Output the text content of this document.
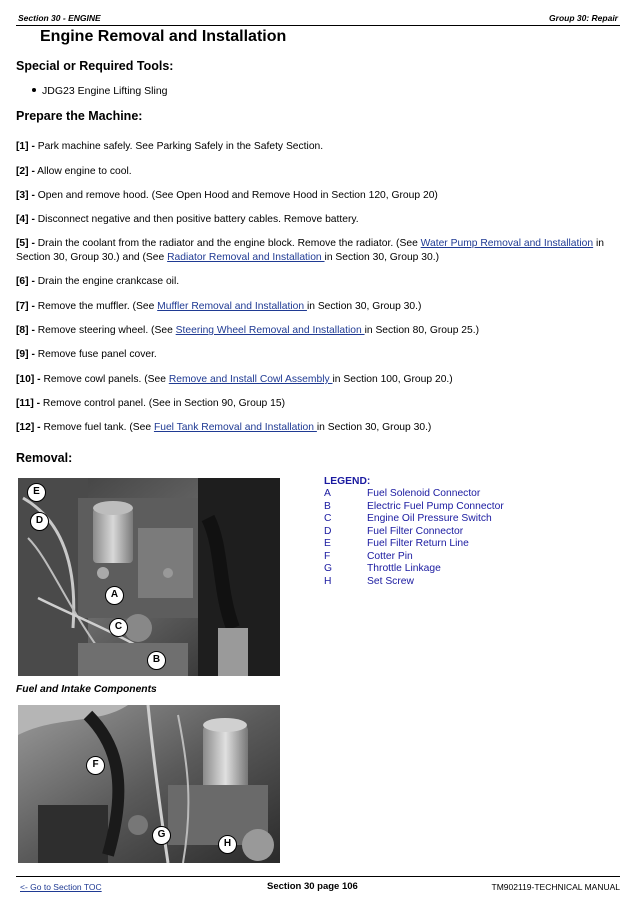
Section 30 - ENGINE	Group 30: Repair
Engine Removal and Installation
Special or Required Tools:
JDG23 Engine Lifting Sling
Prepare the Machine:
[1] - Park machine safely. See Parking Safely in the Safety Section.
[2] - Allow engine to cool.
[3] - Open and remove hood. (See Open Hood and Remove Hood in Section 120, Group 20)
[4] - Disconnect negative and then positive battery cables. Remove battery.
[5] - Drain the coolant from the radiator and the engine block. Remove the radiator. (See Water Pump Removal and Installation in Section 30, Group 30.) and (See Radiator Removal and Installation in Section 30, Group 30.)
[6] - Drain the engine crankcase oil.
[7] - Remove the muffler. (See Muffler Removal and Installation in Section 30, Group 30.)
[8] - Remove steering wheel. (See Steering Wheel Removal and Installation in Section 80, Group 25.)
[9] - Remove fuse panel cover.
[10] - Remove cowl panels. (See Remove and Install Cowl Assembly in Section 100, Group 20.)
[11] - Remove control panel. (See in Section 90, Group 15)
[12] - Remove fuel tank. (See Fuel Tank Removal and Installation in Section 30, Group 30.)
Removal:
E
D
A
C
B
LEGEND:
A	Fuel Solenoid Connector
B	Electric Fuel Pump Connector
C	Engine Oil Pressure Switch
D	Fuel Filter Connector
E	Fuel Filter Return Line
F	Cotter Pin
G	Throttle Linkage
H	Set Screw
Fuel and Intake Components
F
G
H
<- Go to Section TOC	Section 30 page 106	TM902119-TECHNICAL MANUAL
